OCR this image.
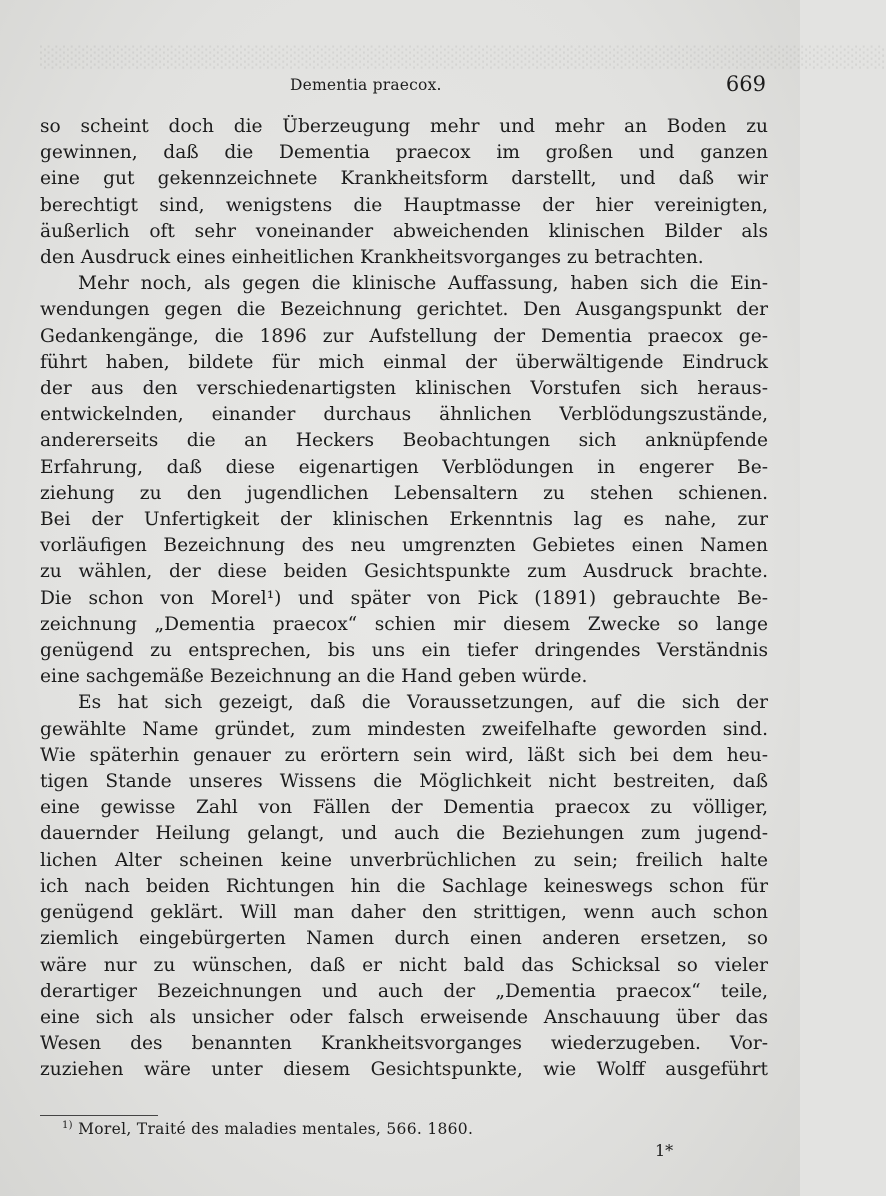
░░░░░░░░░░░░░░░░░░░░░░░░░░░░░░░░░░░░░░░░░░░░░░░░░░░░░░░
Dementia praecox.	669
so scheint doch die Überzeugung mehr und mehr an Boden zu
gewinnen, daß die Dementia praecox im großen und ganzen
eine gut gekennzeichnete Krankheitsform darstellt, und daß wir
berechtigt sind, wenigstens die Hauptmasse der hier vereinigten,
äußerlich oft sehr voneinander abweichenden klinischen Bilder als
den Ausdruck eines einheitlichen Krankheitsvorganges zu betrachten.
Mehr noch, als gegen die klinische Auffassung, haben sich die Ein-
wendungen gegen die Bezeichnung gerichtet. Den Ausgangspunkt der
Gedankengänge, die 1896 zur Aufstellung der Dementia praecox ge-
führt haben, bildete für mich einmal der überwältigende Eindruck
der aus den verschiedenartigsten klinischen Vorstufen sich heraus-
entwickelnden, einander durchaus ähnlichen Verblödungszustände,
andererseits die an Heckers Beobachtungen sich anknüpfende
Erfahrung, daß diese eigenartigen Verblödungen in engerer Be-
ziehung zu den jugendlichen Lebensaltern zu stehen schienen.
Bei der Unfertigkeit der klinischen Erkenntnis lag es nahe, zur
vorläufigen Bezeichnung des neu umgrenzten Gebietes einen Namen
zu wählen, der diese beiden Gesichtspunkte zum Ausdruck brachte.
Die schon von Morel¹) und später von Pick (1891) gebrauchte Be-
zeichnung „Dementia praecox“ schien mir diesem Zwecke so lange
genügend zu entsprechen, bis uns ein tiefer dringendes Verständnis
eine sachgemäße Bezeichnung an die Hand geben würde.
Es hat sich gezeigt, daß die Voraussetzungen, auf die sich der
gewählte Name gründet, zum mindesten zweifelhafte geworden sind.
Wie späterhin genauer zu erörtern sein wird, läßt sich bei dem heu-
tigen Stande unseres Wissens die Möglichkeit nicht bestreiten, daß
eine gewisse Zahl von Fällen der Dementia praecox zu völliger,
dauernder Heilung gelangt, und auch die Beziehungen zum jugend-
lichen Alter scheinen keine unverbrüchlichen zu sein; freilich halte
ich nach beiden Richtungen hin die Sachlage keineswegs schon für
genügend geklärt. Will man daher den strittigen, wenn auch schon
ziemlich eingebürgerten Namen durch einen anderen ersetzen, so
wäre nur zu wünschen, daß er nicht bald das Schicksal so vieler
derartiger Bezeichnungen und auch der „Dementia praecox“ teile,
eine sich als unsicher oder falsch erweisende Anschauung über das
Wesen des benannten Krankheitsvorganges wiederzugeben. Vor-
zuziehen wäre unter diesem Gesichtspunkte, wie Wolff ausgeführt
$^{1)}$ Morel, Traité des maladies mentales, 566. 1860.
1*
